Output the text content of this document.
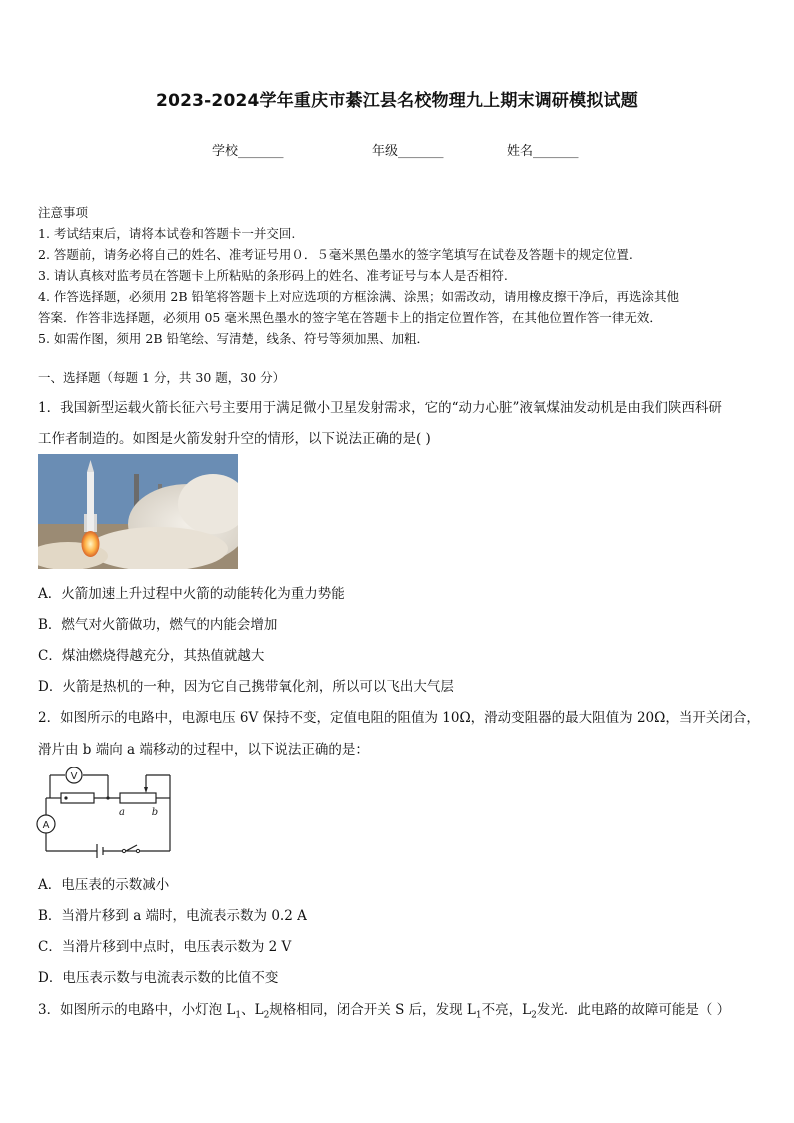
2023-2024学年重庆市綦江县名校物理九上期末调研模拟试题
学校_______	年级_______	姓名_______
注意事项
1. 考试结束后，请将本试卷和答题卡一并交回.
2. 答题前，请务必将自己的姓名、准考证号用０．５毫米黑色墨水的签字笔填写在试卷及答题卡的规定位置.
3. 请认真核对监考员在答题卡上所粘贴的条形码上的姓名、准考证号与本人是否相符.
4. 作答选择题，必须用 2B 铅笔将答题卡上对应选项的方框涂满、涂黑；如需改动，请用橡皮擦干净后，再选涂其他
答案．作答非选择题，必须用 05 毫米黑色墨水的签字笔在答题卡上的指定位置作答，在其他位置作答一律无效．
5. 如需作图，须用 2B 铅笔绘、写清楚，线条、符号等须加黑、加粗．
一、选择题（每题 1 分，共 30 题，30 分）
1．我国新型运载火箭长征六号主要用于满足微小卫星发射需求，它的“动力心脏”液氧煤油发动机是由我们陕西科研
工作者制造的。如图是火箭发射升空的情形，以下说法正确的是( )
A．火箭加速上升过程中火箭的动能转化为重力势能
B．燃气对火箭做功，燃气的内能会增加
C．煤油燃烧得越充分，其热值就越大
D．火箭是热机的一种，因为它自己携带氧化剂，所以可以飞出大气层
2．如图所示的电路中，电源电压 6V 保持不变，定值电阻的阻值为 10Ω，滑动变阻器的最大阻值为 20Ω，当开关闭合，
滑片由 b 端向 a 端移动的过程中，以下说法正确的是：
V
A
a	b
A．电压表的示数减小
B．当滑片移到 a 端时，电流表示数为 0.2 A
C．当滑片移到中点时，电压表示数为 2 V
D．电压表示数与电流表示数的比值不变
3．如图所示的电路中，小灯泡 $L_1$、$L_2$规格相同，闭合开关 S 后，发现 $L_1$不亮，$L_2$发光．此电路的故障可能是（ ）
